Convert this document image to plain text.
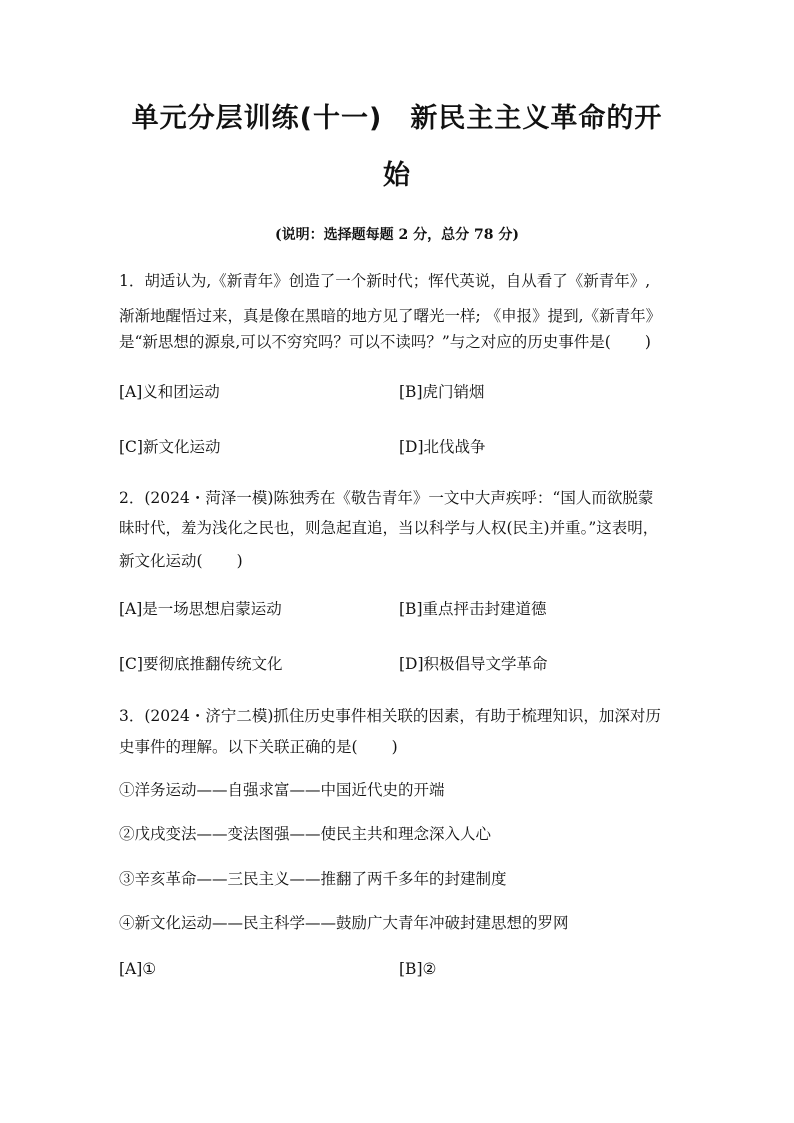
单元分层训练(十一)　新民主主义革命的开
始
(说明：选择题每题 2 分，总分 78 分)
1．胡适认为,《新青年》创造了一个新时代；恽代英说，自从看了《新青年》,
渐渐地醒悟过来，真是像在黑暗的地方见了曙光一样; 《申报》提到,《新青年》
是“新思想的源泉,可以不穷究吗？可以不读吗？”与之对应的历史事件是( )
[A]义和团运动	[B]虎门销烟
[C]新文化运动	[D]北伐战争
2．(2024・菏泽一模)陈独秀在《敬告青年》一文中大声疾呼：“国人而欲脱蒙
昧时代，羞为浅化之民也，则急起直追，当以科学与人权(民主)并重。”这表明，
新文化运动( )
[A]是一场思想启蒙运动	[B]重点抨击封建道德
[C]要彻底推翻传统文化	[D]积极倡导文学革命
3．(2024・济宁二模)抓住历史事件相关联的因素，有助于梳理知识，加深对历
史事件的理解。以下关联正确的是( )
①洋务运动——自强求富——中国近代史的开端
②戊戌变法——变法图强——使民主共和理念深入人心
③辛亥革命——三民主义——推翻了两千多年的封建制度
④新文化运动——民主科学——鼓励广大青年冲破封建思想的罗网
[A]①	[B]②
